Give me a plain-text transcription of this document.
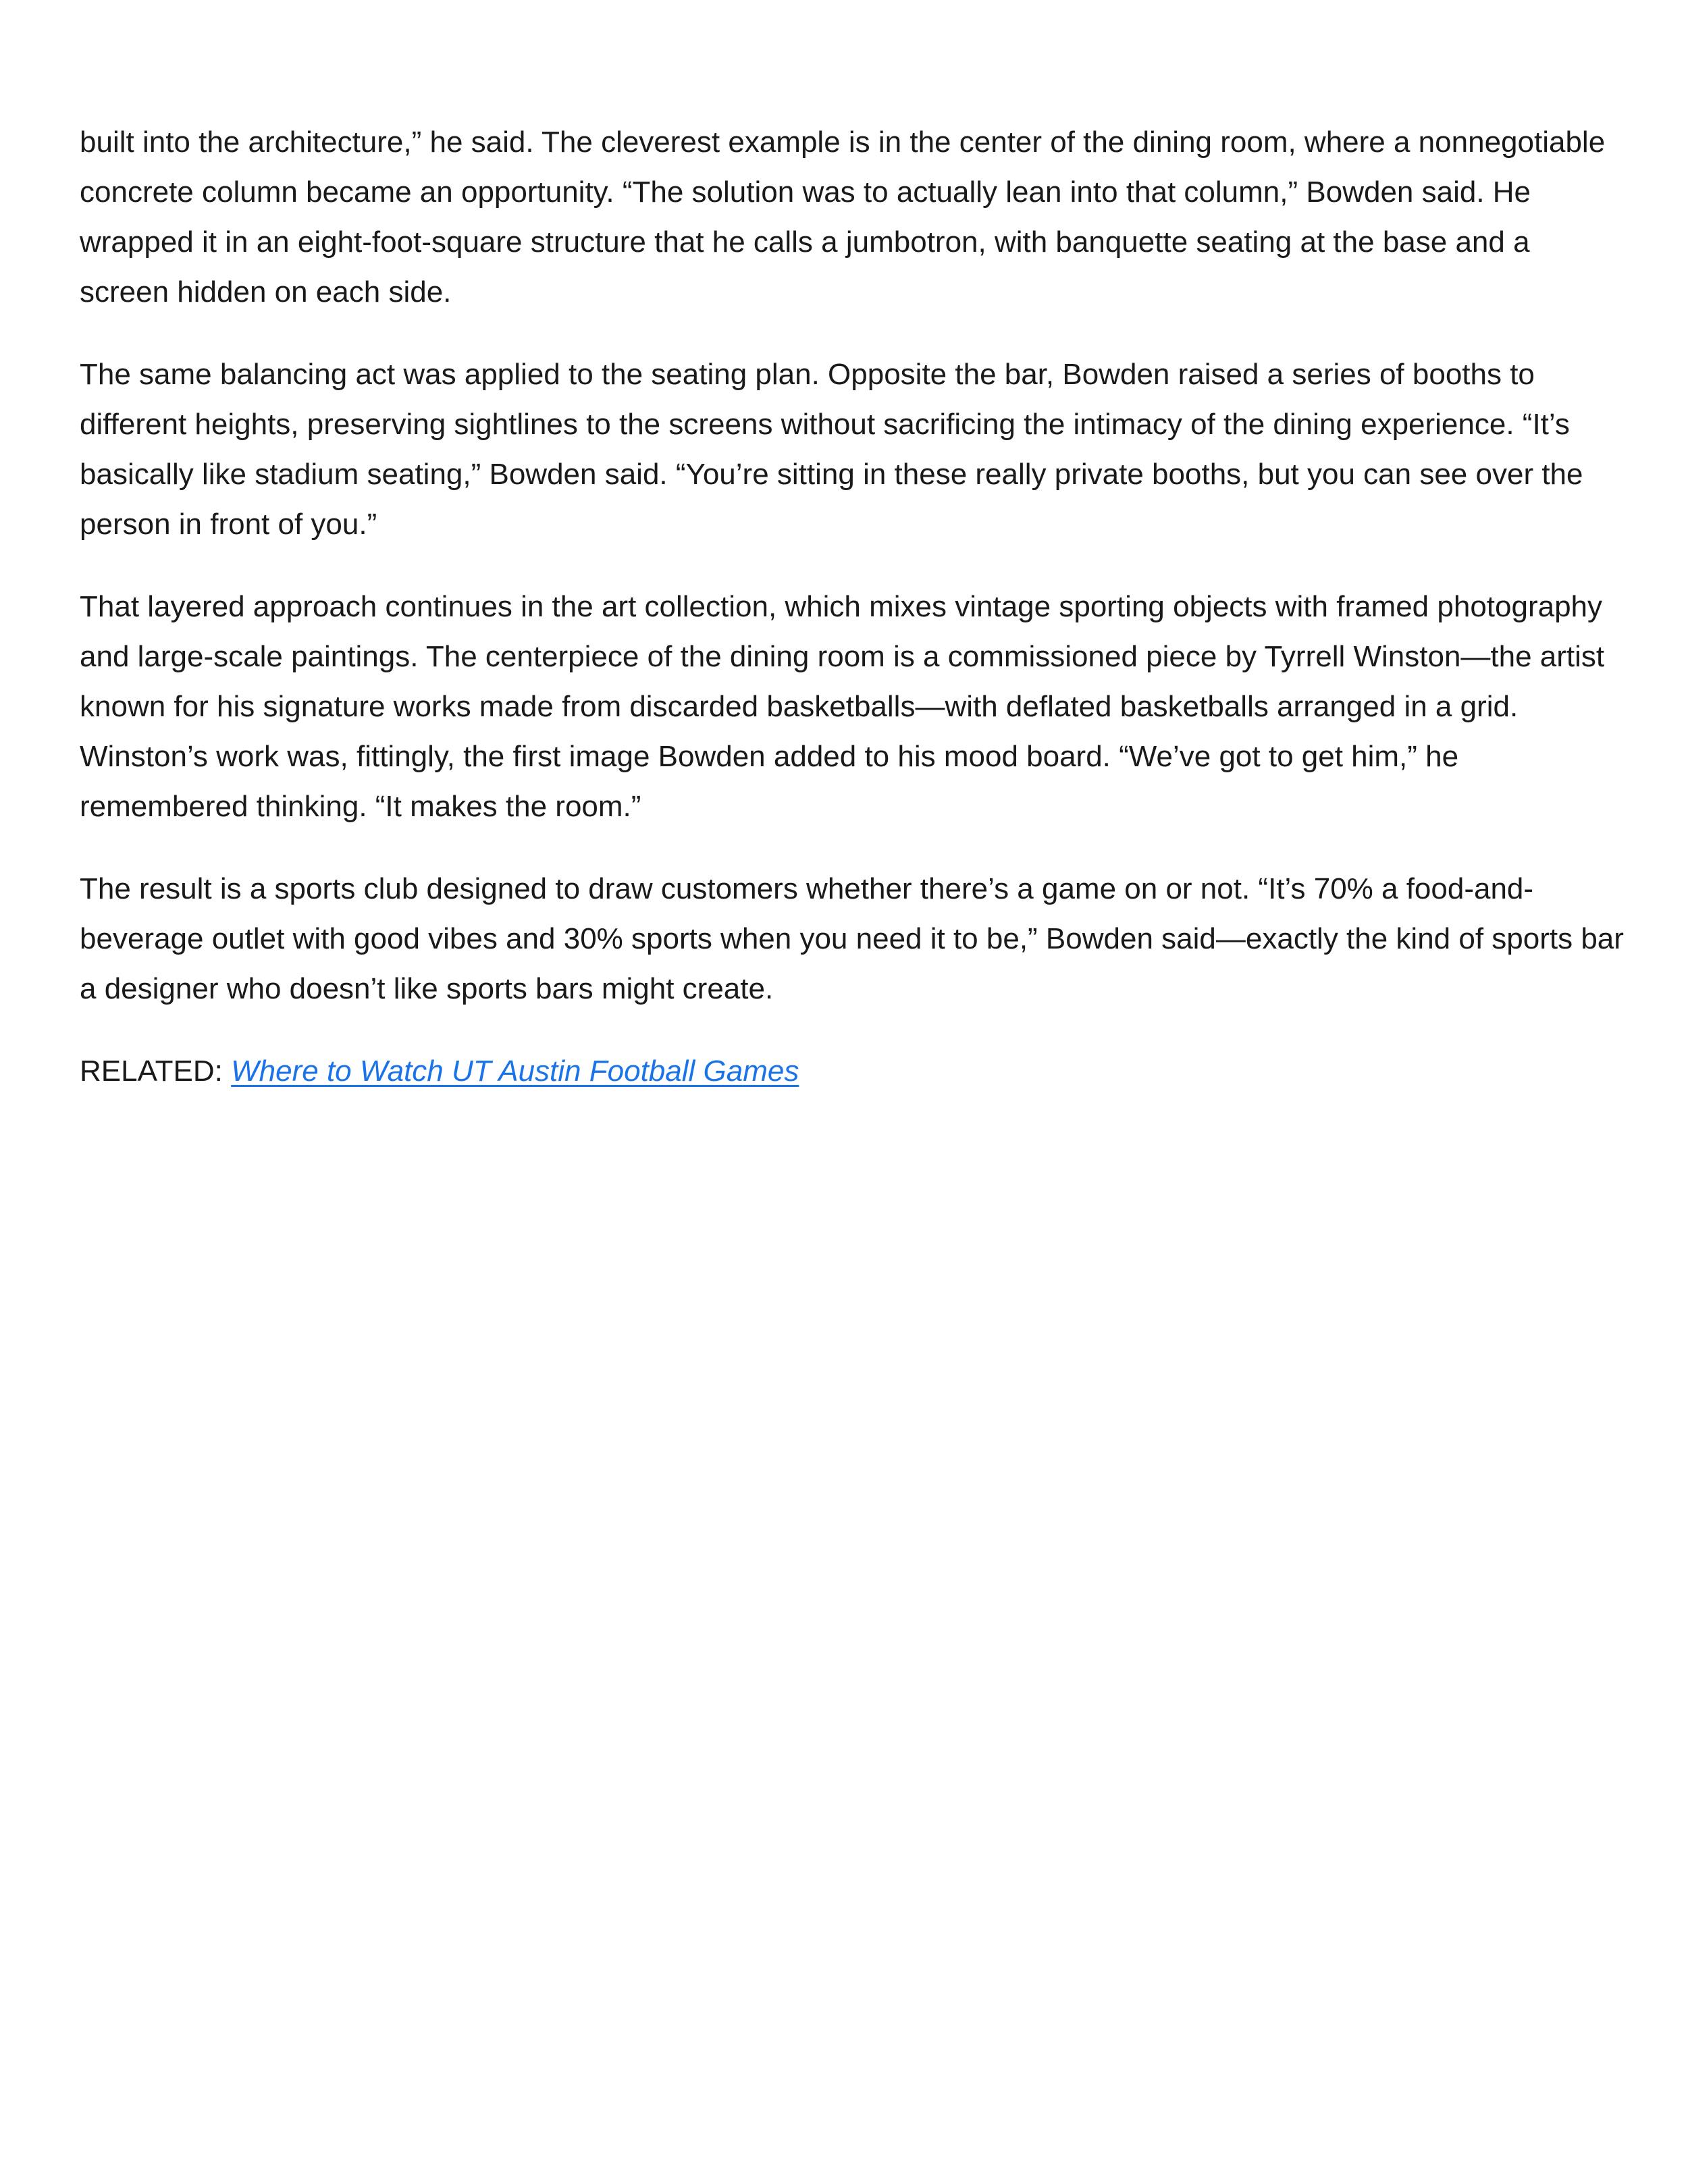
built into the architecture,” he said. The cleverest example is in the center of the dining room, where a nonnegotiable concrete column became an opportunity. “The solution was to actually lean into that column,” Bowden said. He wrapped it in an eight-foot-square structure that he calls a jumbotron, with banquette seating at the base and a screen hidden on each side.

The same balancing act was applied to the seating plan. Opposite the bar, Bowden raised a series of booths to different heights, preserving sightlines to the screens without sacrificing the intimacy of the dining experience. “It’s basically like stadium seating,” Bowden said. “You’re sitting in these really private booths, but you can see over the person in front of you.”

That layered approach continues in the art collection, which mixes vintage sporting objects with framed photography and large-scale paintings. The centerpiece of the dining room is a commissioned piece by Tyrrell Winston—the artist known for his signature works made from discarded basketballs—with deflated basketballs arranged in a grid. Winston’s work was, fittingly, the first image Bowden added to his mood board. “We’ve got to get him,” he remembered thinking. “It makes the room.”

The result is a sports club designed to draw customers whether there’s a game on or not. “It’s 70% a food-and-beverage outlet with good vibes and 30% sports when you need it to be,” Bowden said—exactly the kind of sports bar a designer who doesn’t like sports bars might create.

RELATED: Where to Watch UT Austin Football Games
